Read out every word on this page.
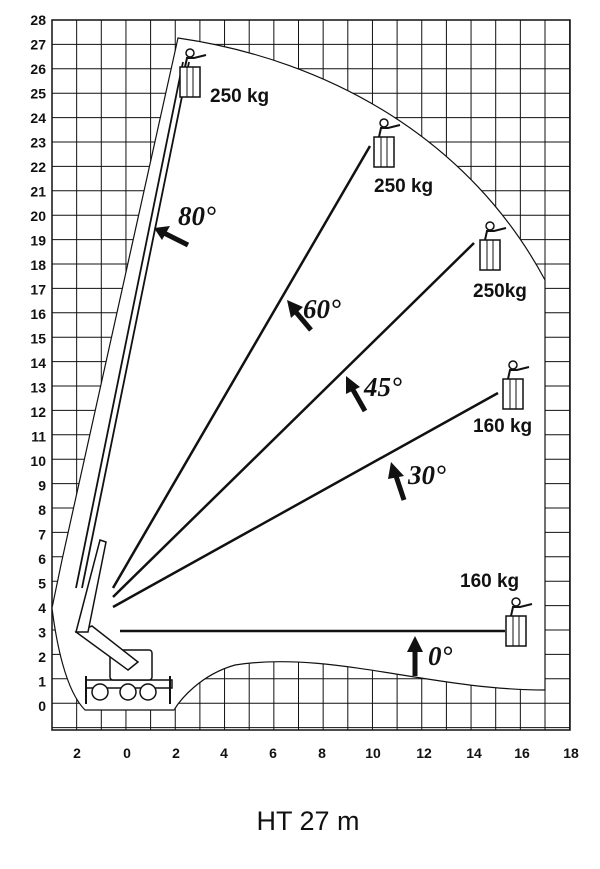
0
1
2
3
4
5
6
7
8
9
10
11
12
13
14
15
16
17
18
19
20
21
22
23
24
25
26
27
28
2	0	2	4	6	8	10	12 14 16 18
250 kg
250 kg
250kg
160 kg
160 kg
80°
60°
45°
30°
0°
HT 27 m
